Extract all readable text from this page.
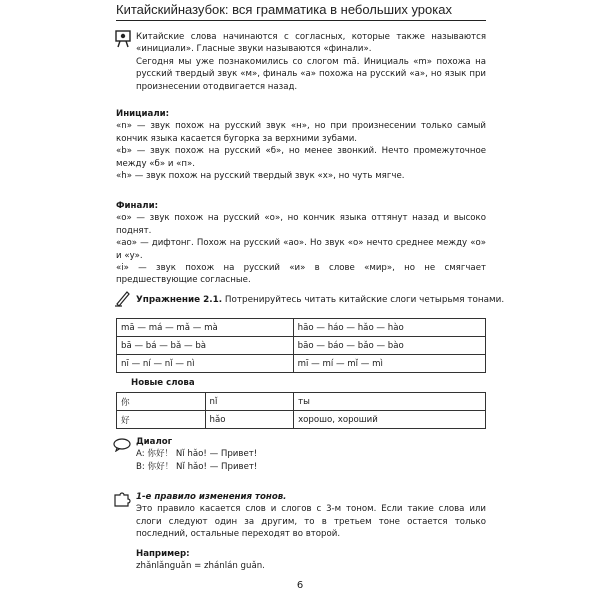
Китайскийназубок: вся грамматика в небольших уроках

Китайские слова начинаются с согласных, которые также называются «инициали». Гласные звуки называются «финали».

Сегодня мы уже познакомились со слогом mā. Инициаль «m» похожа на русский твердый звук «м», финаль «а» похожа на русский «а», но язык при произнесении отодвигается назад.

Инициали:

«n» — звук похож на русский звук «н», но при произнесении только самый кончик языка касается бугорка за верхними зубами.

«b» — звук похож на русский «б», но менее звонкий. Нечто промежуточное между «б» и «п».

«h» — звук похож на русский твердый звук «х», но чуть мягче.

Финали:

«o» — звук похож на русский «о», но кончик языка оттянут назад и высоко поднят.

«ao» — дифтонг. Похож на русский «ао». Но звук «о» нечто среднее между «о» и «у».

«i» — звук похож на русский «и» в слове «мир», но не смягчает предшествующие согласные.

Упражнение 2.1. Потренируйтесь читать китайские слоги четырьмя тонами.
mā — má — mǎ — mà	hāo — háo — hǎo — hào
bā — bá — bǎ — bà	bāo — báo — bǎo — bào
nī — ní — nǐ — nì	mī — mí — mǐ — mì
Новые слова
你	nǐ	ты
好	hǎo	хорошо, хороший

Диалог

A: 你好！ Nǐ hǎo! — Привет!

B: 你好！ Nǐ hǎo! — Привет!

1-е правило изменения тонов.

Это правило касается слов и слогов с 3-м тоном. Если такие слова или слоги следуют один за другим, то в третьем тоне остается только последний, остальные переходят во второй.

Например:

zhǎnlǎnguǎn = zhánlán guǎn.

6
